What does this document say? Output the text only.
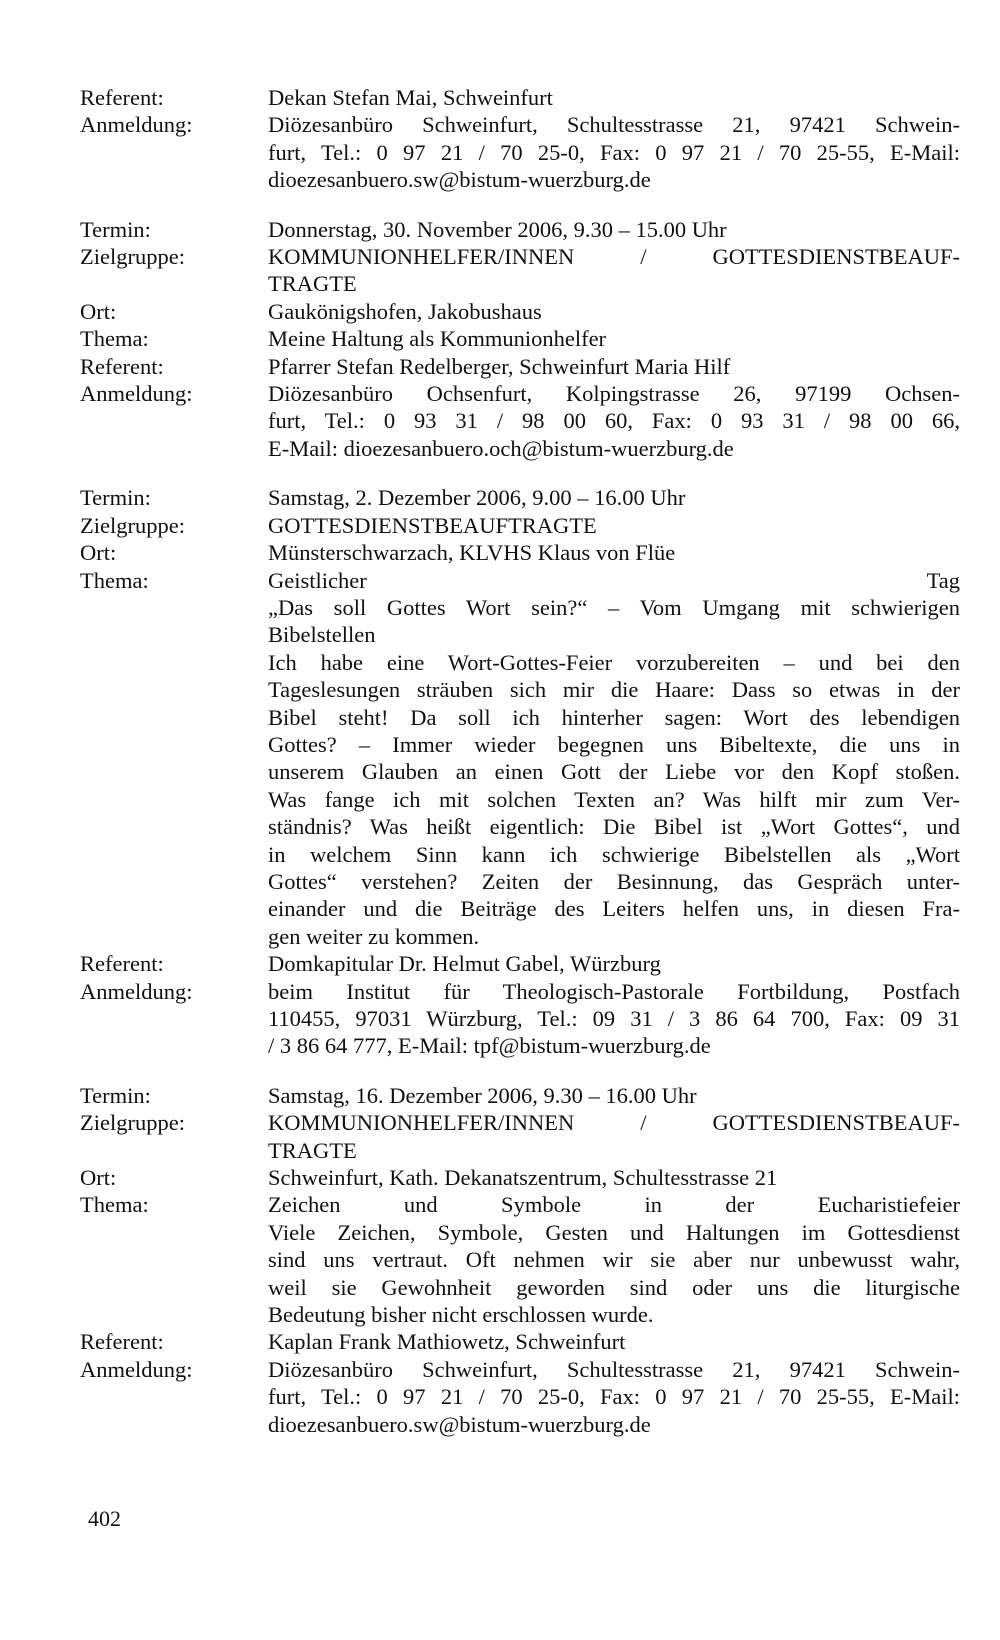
Referent:	Dekan Stefan Mai, Schweinfurt
Anmeldung:	Diözesanbüro Schweinfurt, Schultesstrasse 21, 97421 Schwein-
furt, Tel.: 0 97 21 / 70 25-0, Fax: 0 97 21 / 70 25-55, E-Mail:
dioezesanbuero.sw@bistum-wuerzburg.de
Termin:	Donnerstag, 30. November 2006, 9.30 – 15.00 Uhr
Zielgruppe:	KOMMUNIONHELFER/INNEN / GOTTESDIENSTBEAUF-
TRAGTE
Ort:	Gaukönigshofen, Jakobushaus
Thema:	Meine Haltung als Kommunionhelfer
Referent:	Pfarrer Stefan Redelberger, Schweinfurt Maria Hilf
Anmeldung:	Diözesanbüro Ochsenfurt, Kolpingstrasse 26, 97199 Ochsen-
furt, Tel.: 0 93 31 / 98 00 60, Fax: 0 93 31 / 98 00 66,
E-Mail: dioezesanbuero.och@bistum-wuerzburg.de
Termin:	Samstag, 2. Dezember 2006, 9.00 – 16.00 Uhr
Zielgruppe:	GOTTESDIENSTBEAUFTRAGTE
Ort:	Münsterschwarzach, KLVHS Klaus von Flüe
Thema:	Geistlicher Tag
„Das soll Gottes Wort sein?“ – Vom Umgang mit schwierigen
Bibelstellen
Ich habe eine Wort-Gottes-Feier vorzubereiten – und bei den
Tageslesungen sträuben sich mir die Haare: Dass so etwas in der
Bibel steht! Da soll ich hinterher sagen: Wort des lebendigen
Gottes? – Immer wieder begegnen uns Bibeltexte, die uns in
unserem Glauben an einen Gott der Liebe vor den Kopf stoßen.
Was fange ich mit solchen Texten an? Was hilft mir zum Ver-
ständnis? Was heißt eigentlich: Die Bibel ist „Wort Gottes“, und
in welchem Sinn kann ich schwierige Bibelstellen als „Wort
Gottes“ verstehen? Zeiten der Besinnung, das Gespräch unter-
einander und die Beiträge des Leiters helfen uns, in diesen Fra-
gen weiter zu kommen.
Referent:	Domkapitular Dr. Helmut Gabel, Würzburg
Anmeldung:	beim Institut für Theologisch-Pastorale Fortbildung, Postfach
110455, 97031 Würzburg, Tel.: 09 31 / 3 86 64 700, Fax: 09 31
/ 3 86 64 777, E-Mail: tpf@bistum-wuerzburg.de
Termin:	Samstag, 16. Dezember 2006, 9.30 – 16.00 Uhr
Zielgruppe:	KOMMUNIONHELFER/INNEN / GOTTESDIENSTBEAUF-
TRAGTE
Ort:	Schweinfurt, Kath. Dekanatszentrum, Schultesstrasse 21
Thema:	Zeichen und Symbole in der Eucharistiefeier
Viele Zeichen, Symbole, Gesten und Haltungen im Gottesdienst
sind uns vertraut. Oft nehmen wir sie aber nur unbewusst wahr,
weil sie Gewohnheit geworden sind oder uns die liturgische
Bedeutung bisher nicht erschlossen wurde.
Referent:	Kaplan Frank Mathiowetz, Schweinfurt
Anmeldung:	Diözesanbüro Schweinfurt, Schultesstrasse 21, 97421 Schwein-
furt, Tel.: 0 97 21 / 70 25-0, Fax: 0 97 21 / 70 25-55, E-Mail:
dioezesanbuero.sw@bistum-wuerzburg.de
402
